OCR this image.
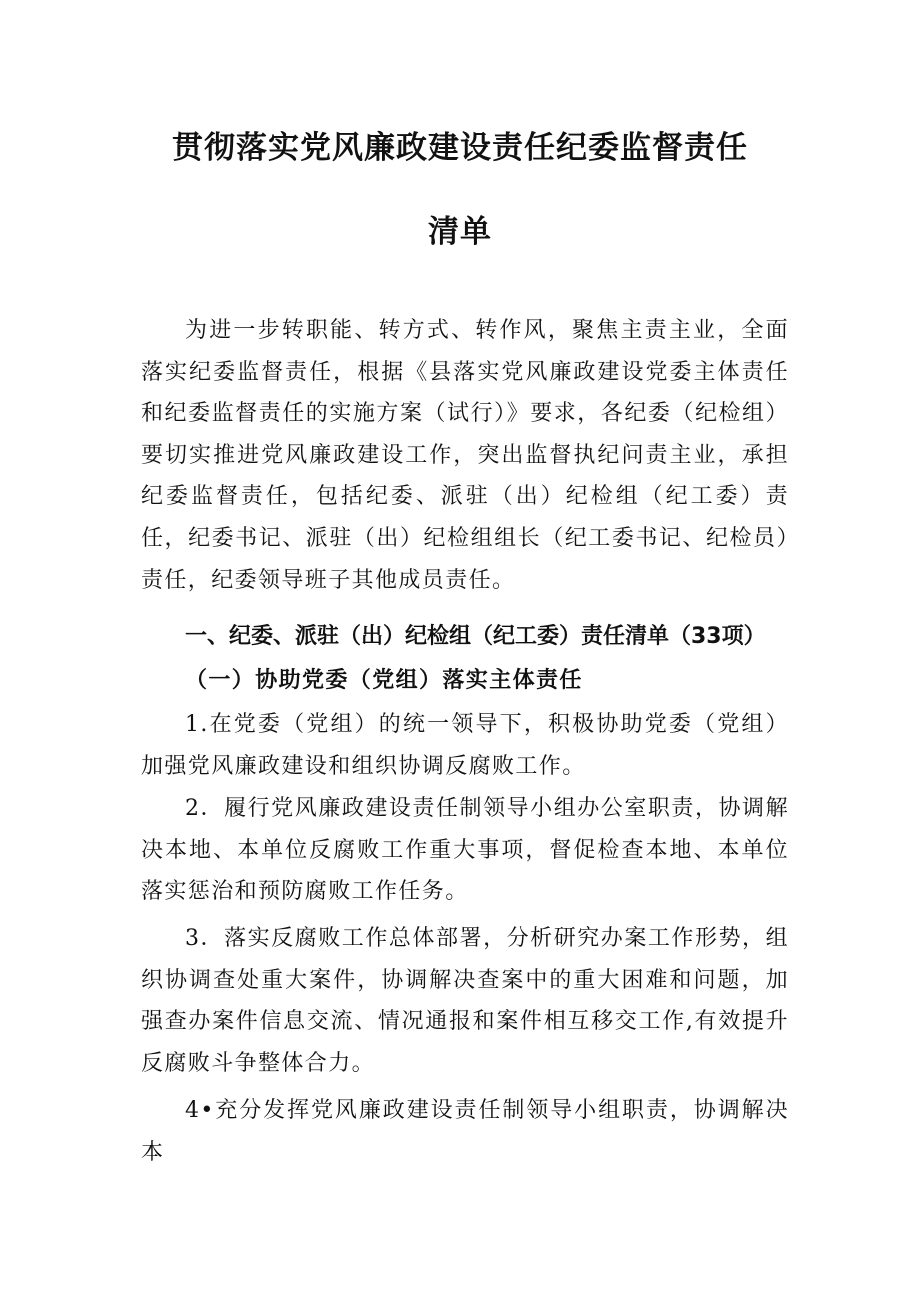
贯彻落实党风廉政建设责任纪委监督责任
清单

为进一步转职能、转方式、转作风，聚焦主责主业，全面落实纪委监督责任，根据《县落实党风廉政建设党委主体责任和纪委监督责任的实施方案（试行）》要求，各纪委（纪检组）要切实推进党风廉政建设工作，突出监督执纪问责主业，承担纪委监督责任，包括纪委、派驻（出）纪检组（纪工委）责任，纪委书记、派驻（出）纪检组组长（纪工委书记、纪检员）责任，纪委领导班子其他成员责任。

一、纪委、派驻（出）纪检组（纪工委）责任清单（33项）
（一）协助党委（党组）落实主体责任

1.在党委（党组）的统一领导下，积极协助党委（党组）加强党风廉政建设和组织协调反腐败工作。

2．履行党风廉政建设责任制领导小组办公室职责，协调解决本地、本单位反腐败工作重大事项，督促检查本地、本单位落实惩治和预防腐败工作任务。

3．落实反腐败工作总体部署，分析研究办案工作形势，组织协调查处重大案件，协调解决查案中的重大困难和问题，加强查办案件信息交流、情况通报和案件相互移交工作,有效提升反腐败斗争整体合力。

4•充分发挥党风廉政建设责任制领导小组职责，协调解决本
